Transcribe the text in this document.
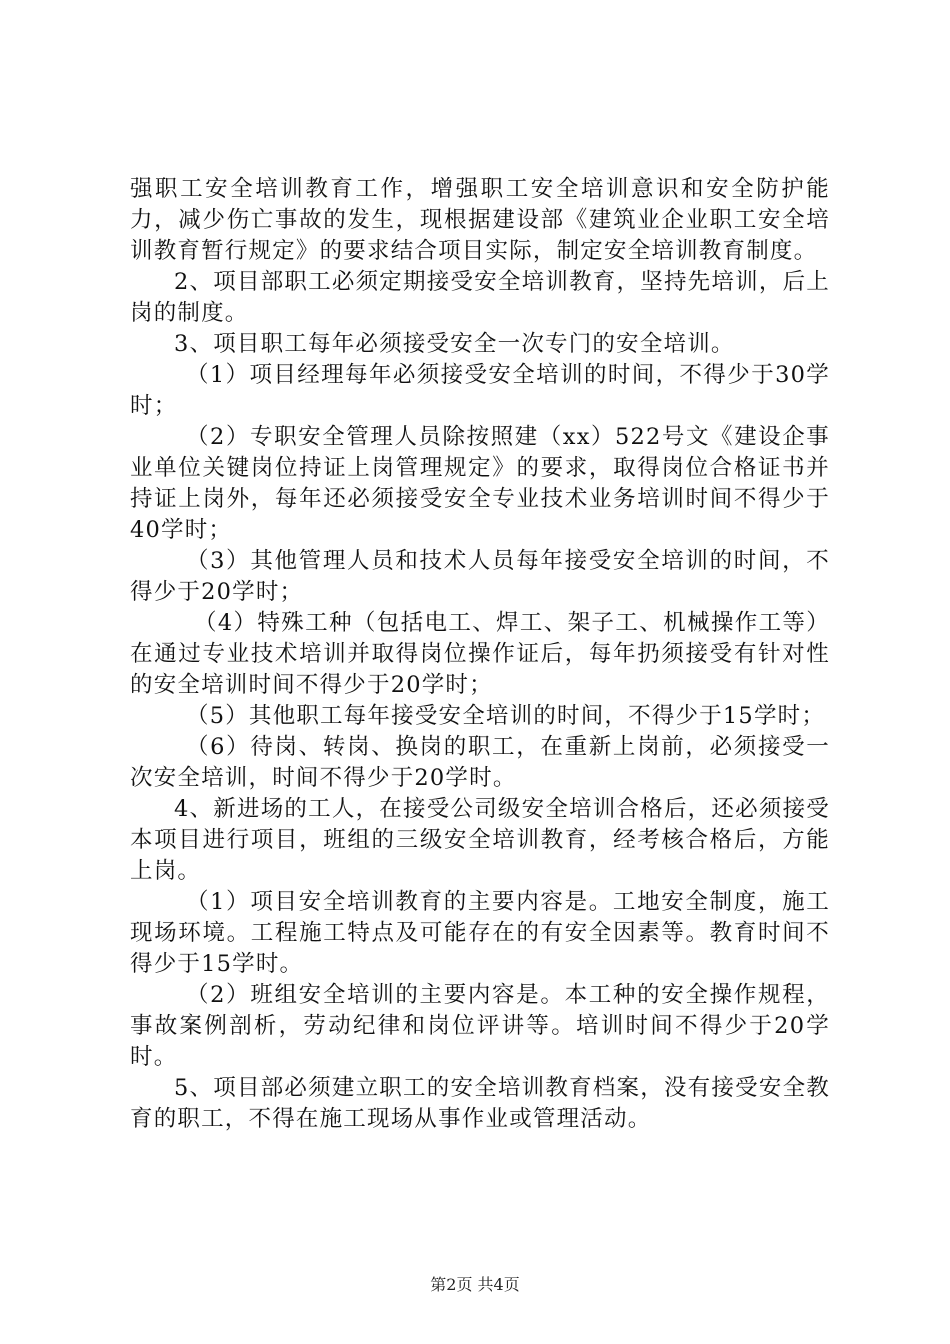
强职工安全培训教育工作，增强职工安全培训意识和安全防护能力，减少伤亡事故的发生，现根据建设部《建筑业企业职工安全培训教育暂行规定》的要求结合项目实际，制定安全培训教育制度。

2、项目部职工必须定期接受安全培训教育，坚持先培训，后上岗的制度。

3、项目职工每年必须接受安全一次专门的安全培训。

（1）项目经理每年必须接受安全培训的时间，不得少于30学时；

（2）专职安全管理人员除按照建（xx）522号文《建设企事业单位关键岗位持证上岗管理规定》的要求，取得岗位合格证书并持证上岗外，每年还必须接受安全专业技术业务培训时间不得少于40学时；

（3）其他管理人员和技术人员每年接受安全培训的时间，不得少于20学时；

（4）特殊工种（包括电工、焊工、架子工、机械操作工等）在通过专业技术培训并取得岗位操作证后，每年扔须接受有针对性的安全培训时间不得少于20学时；

（5）其他职工每年接受安全培训的时间，不得少于15学时；

（6）待岗、转岗、换岗的职工，在重新上岗前，必须接受一次安全培训，时间不得少于20学时。

4、新进场的工人，在接受公司级安全培训合格后，还必须接受本项目进行项目，班组的三级安全培训教育，经考核合格后，方能上岗。

（1）项目安全培训教育的主要内容是。工地安全制度，施工现场环境。工程施工特点及可能存在的有安全因素等。教育时间不得少于15学时。

（2）班组安全培训的主要内容是。本工种的安全操作规程，事故案例剖析，劳动纪律和岗位评讲等。培训时间不得少于20学时。

5、项目部必须建立职工的安全培训教育档案，没有接受安全教育的职工，不得在施工现场从事作业或管理活动。

第2页 共4页
